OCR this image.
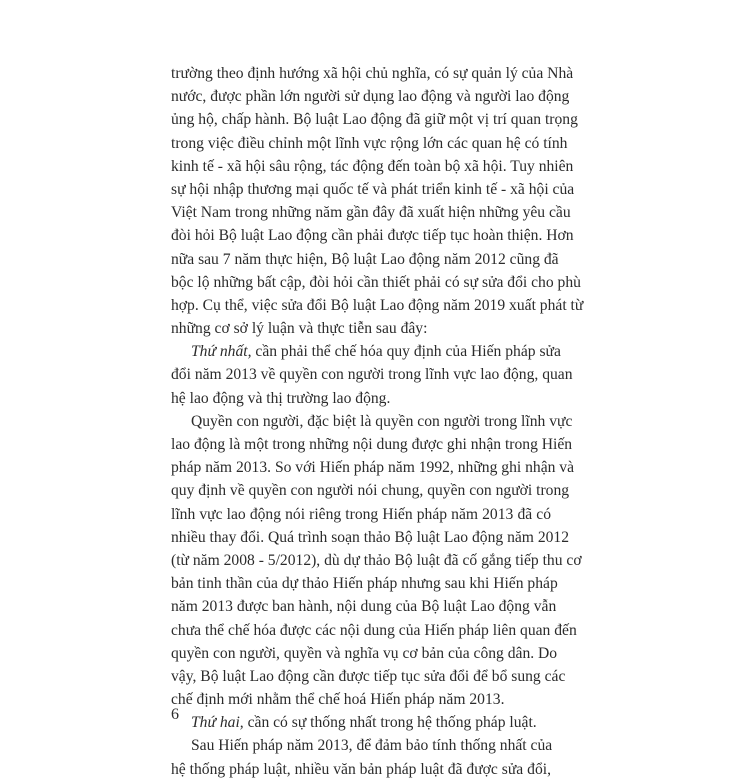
trường theo định hướng xã hội chủ nghĩa, có sự quản lý của Nhà
nước, được phần lớn người sử dụng lao động và người lao động
ủng hộ, chấp hành. Bộ luật Lao động đã giữ một vị trí quan trọng
trong việc điều chỉnh một lĩnh vực rộng lớn các quan hệ có tính
kinh tế - xã hội sâu rộng, tác động đến toàn bộ xã hội. Tuy nhiên
sự hội nhập thương mại quốc tế và phát triển kinh tế - xã hội của
Việt Nam trong những năm gần đây đã xuất hiện những yêu cầu
đòi hỏi Bộ luật Lao động cần phải được tiếp tục hoàn thiện. Hơn
nữa sau 7 năm thực hiện, Bộ luật Lao động năm 2012 cũng đã
bộc lộ những bất cập, đòi hỏi cần thiết phải có sự sửa đổi cho phù
hợp. Cụ thể, việc sửa đổi Bộ luật Lao động năm 2019 xuất phát từ
những cơ sở lý luận và thực tiễn sau đây:
Thứ nhất, cần phải thể chế hóa quy định của Hiến pháp sửa
đổi năm 2013 về quyền con người trong lĩnh vực lao động, quan
hệ lao động và thị trường lao động.
Quyền con người, đặc biệt là quyền con người trong lĩnh vực
lao động là một trong những nội dung được ghi nhận trong Hiến
pháp năm 2013. So với Hiến pháp năm 1992, những ghi nhận và
quy định về quyền con người nói chung, quyền con người trong
lĩnh vực lao động nói riêng trong Hiến pháp năm 2013 đã có
nhiều thay đổi. Quá trình soạn thảo Bộ luật Lao động năm 2012
(từ năm 2008 - 5/2012), dù dự thảo Bộ luật đã cố gắng tiếp thu cơ
bản tinh thần của dự thảo Hiến pháp nhưng sau khi Hiến pháp
năm 2013 được ban hành, nội dung của Bộ luật Lao động vẫn
chưa thể chế hóa được các nội dung của Hiến pháp liên quan đến
quyền con người, quyền và nghĩa vụ cơ bản của công dân. Do
vậy, Bộ luật Lao động cần được tiếp tục sửa đổi để bổ sung các
chế định mới nhằm thể chế hoá Hiến pháp năm 2013.
Thứ hai, cần có sự thống nhất trong hệ thống pháp luật.
Sau Hiến pháp năm 2013, để đảm bảo tính thống nhất của
hệ thống pháp luật, nhiều văn bản pháp luật đã được sửa đổi,
6
